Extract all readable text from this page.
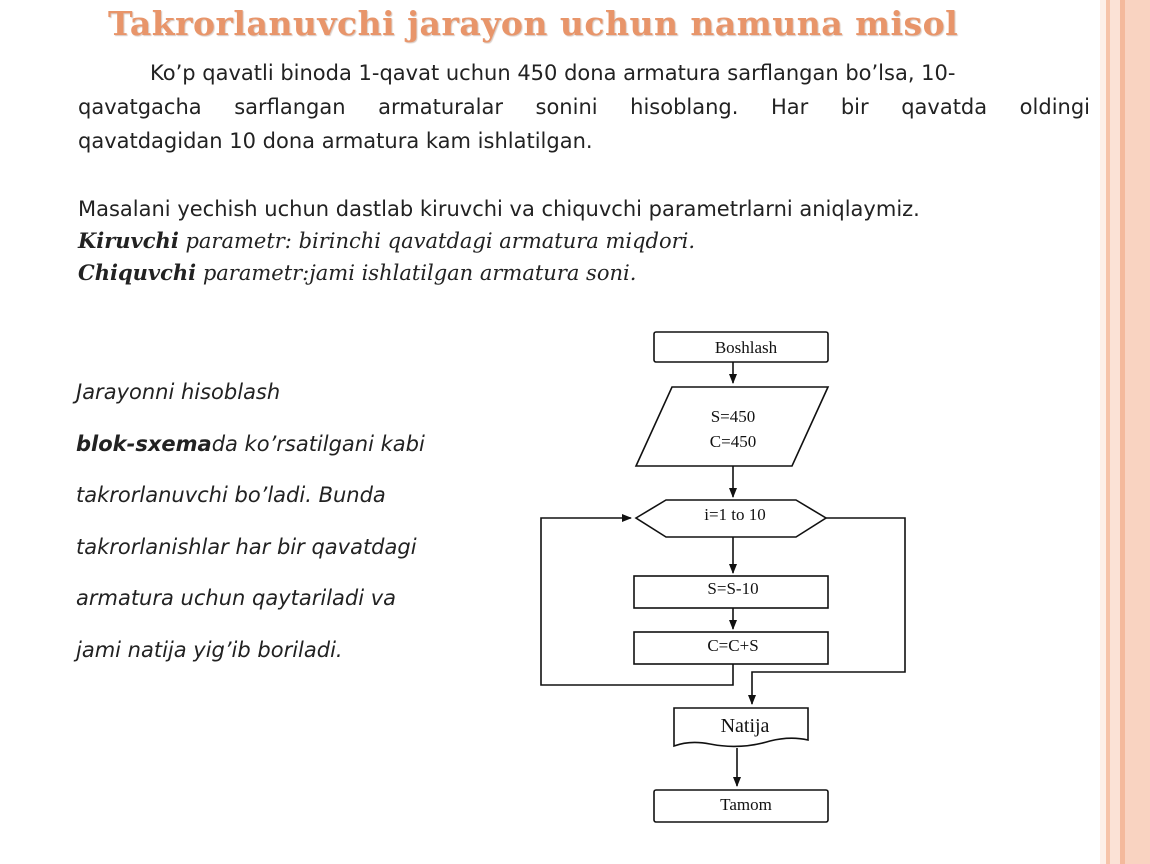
Takrorlanuvchi jarayon uchun namuna misol

Ko’p qavatli binoda 1-qavat uchun 450 dona armatura sarflangan bo’lsa, 10-

qavatgacha sarflangan armaturalar sonini hisoblang. Har bir qavatda oldingi

qavatdagidan 10 dona armatura kam ishlatilgan.

Masalani yechish uchun dastlab kiruvchi va chiquvchi parametrlarni aniqlaymiz.
Kiruvchi parametr: birinchi qavatdagi armatura miqdori.
Chiquvchi parametr:jami ishlatilgan armatura soni.
Jarayonni hisoblash
blok-sxemada ko’rsatilgani kabi
takrorlanuvchi bo’ladi. Bunda
takrorlanishlar har bir qavatdagi
armatura uchun qaytariladi va
jami natija yig’ib boriladi.
Boshlash
S=450
C=450
i=1 to 10
S=S-10
C=C+S
Natija
Tamom
